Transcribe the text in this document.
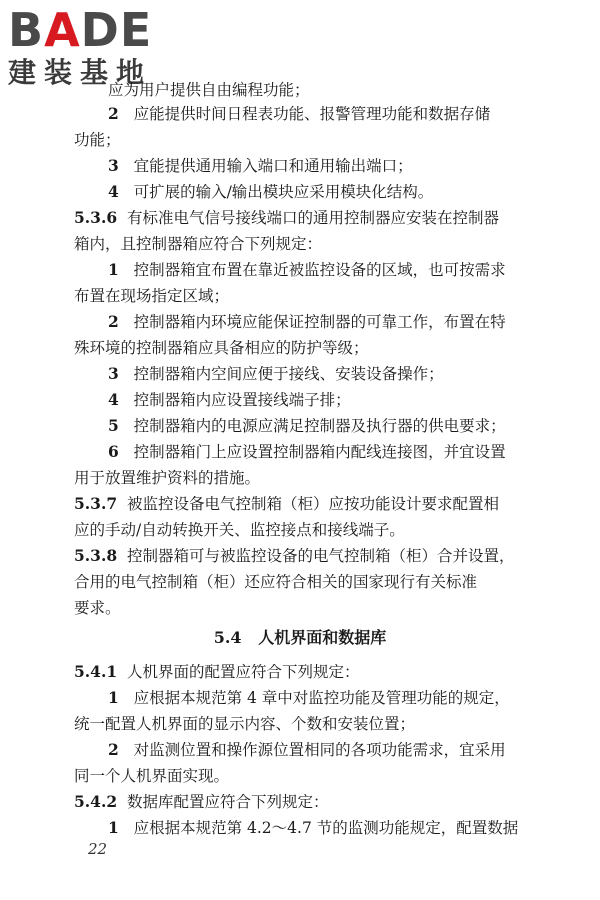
BADE
建装基地
应为用户提供自由编程功能；
2 应能提供时间日程表功能、报警管理功能和数据存储
功能；
3 宜能提供通用输入端口和通用输出端口；
4 可扩展的输入/输出模块应采用模块化结构。
5.3.6 有标准电气信号接线端口的通用控制器应安装在控制器
箱内，且控制器箱应符合下列规定：
1 控制器箱宜布置在靠近被监控设备的区域，也可按需求
布置在现场指定区域；
2 控制器箱内环境应能保证控制器的可靠工作，布置在特
殊环境的控制器箱应具备相应的防护等级；
3 控制器箱内空间应便于接线、安装设备操作；
4 控制器箱内应设置接线端子排；
5 控制器箱内的电源应满足控制器及执行器的供电要求；
6 控制器箱门上应设置控制器箱内配线连接图，并宜设置
用于放置维护资料的措施。
5.3.7 被监控设备电气控制箱（柜）应按功能设计要求配置相
应的手动/自动转换开关、监控接点和接线端子。
5.3.8 控制器箱可与被监控设备的电气控制箱（柜）合并设置，
合用的电气控制箱（柜）还应符合相关的国家现行有关标准
要求。
5.4 人机界面和数据库
5.4.1 人机界面的配置应符合下列规定：
1 应根据本规范第 4 章中对监控功能及管理功能的规定，
统一配置人机界面的显示内容、个数和安装位置；
2 对监测位置和操作源位置相同的各项功能需求，宜采用
同一个人机界面实现。
5.4.2 数据库配置应符合下列规定：
1 应根据本规范第 4.2～4.7 节的监测功能规定，配置数据
22
